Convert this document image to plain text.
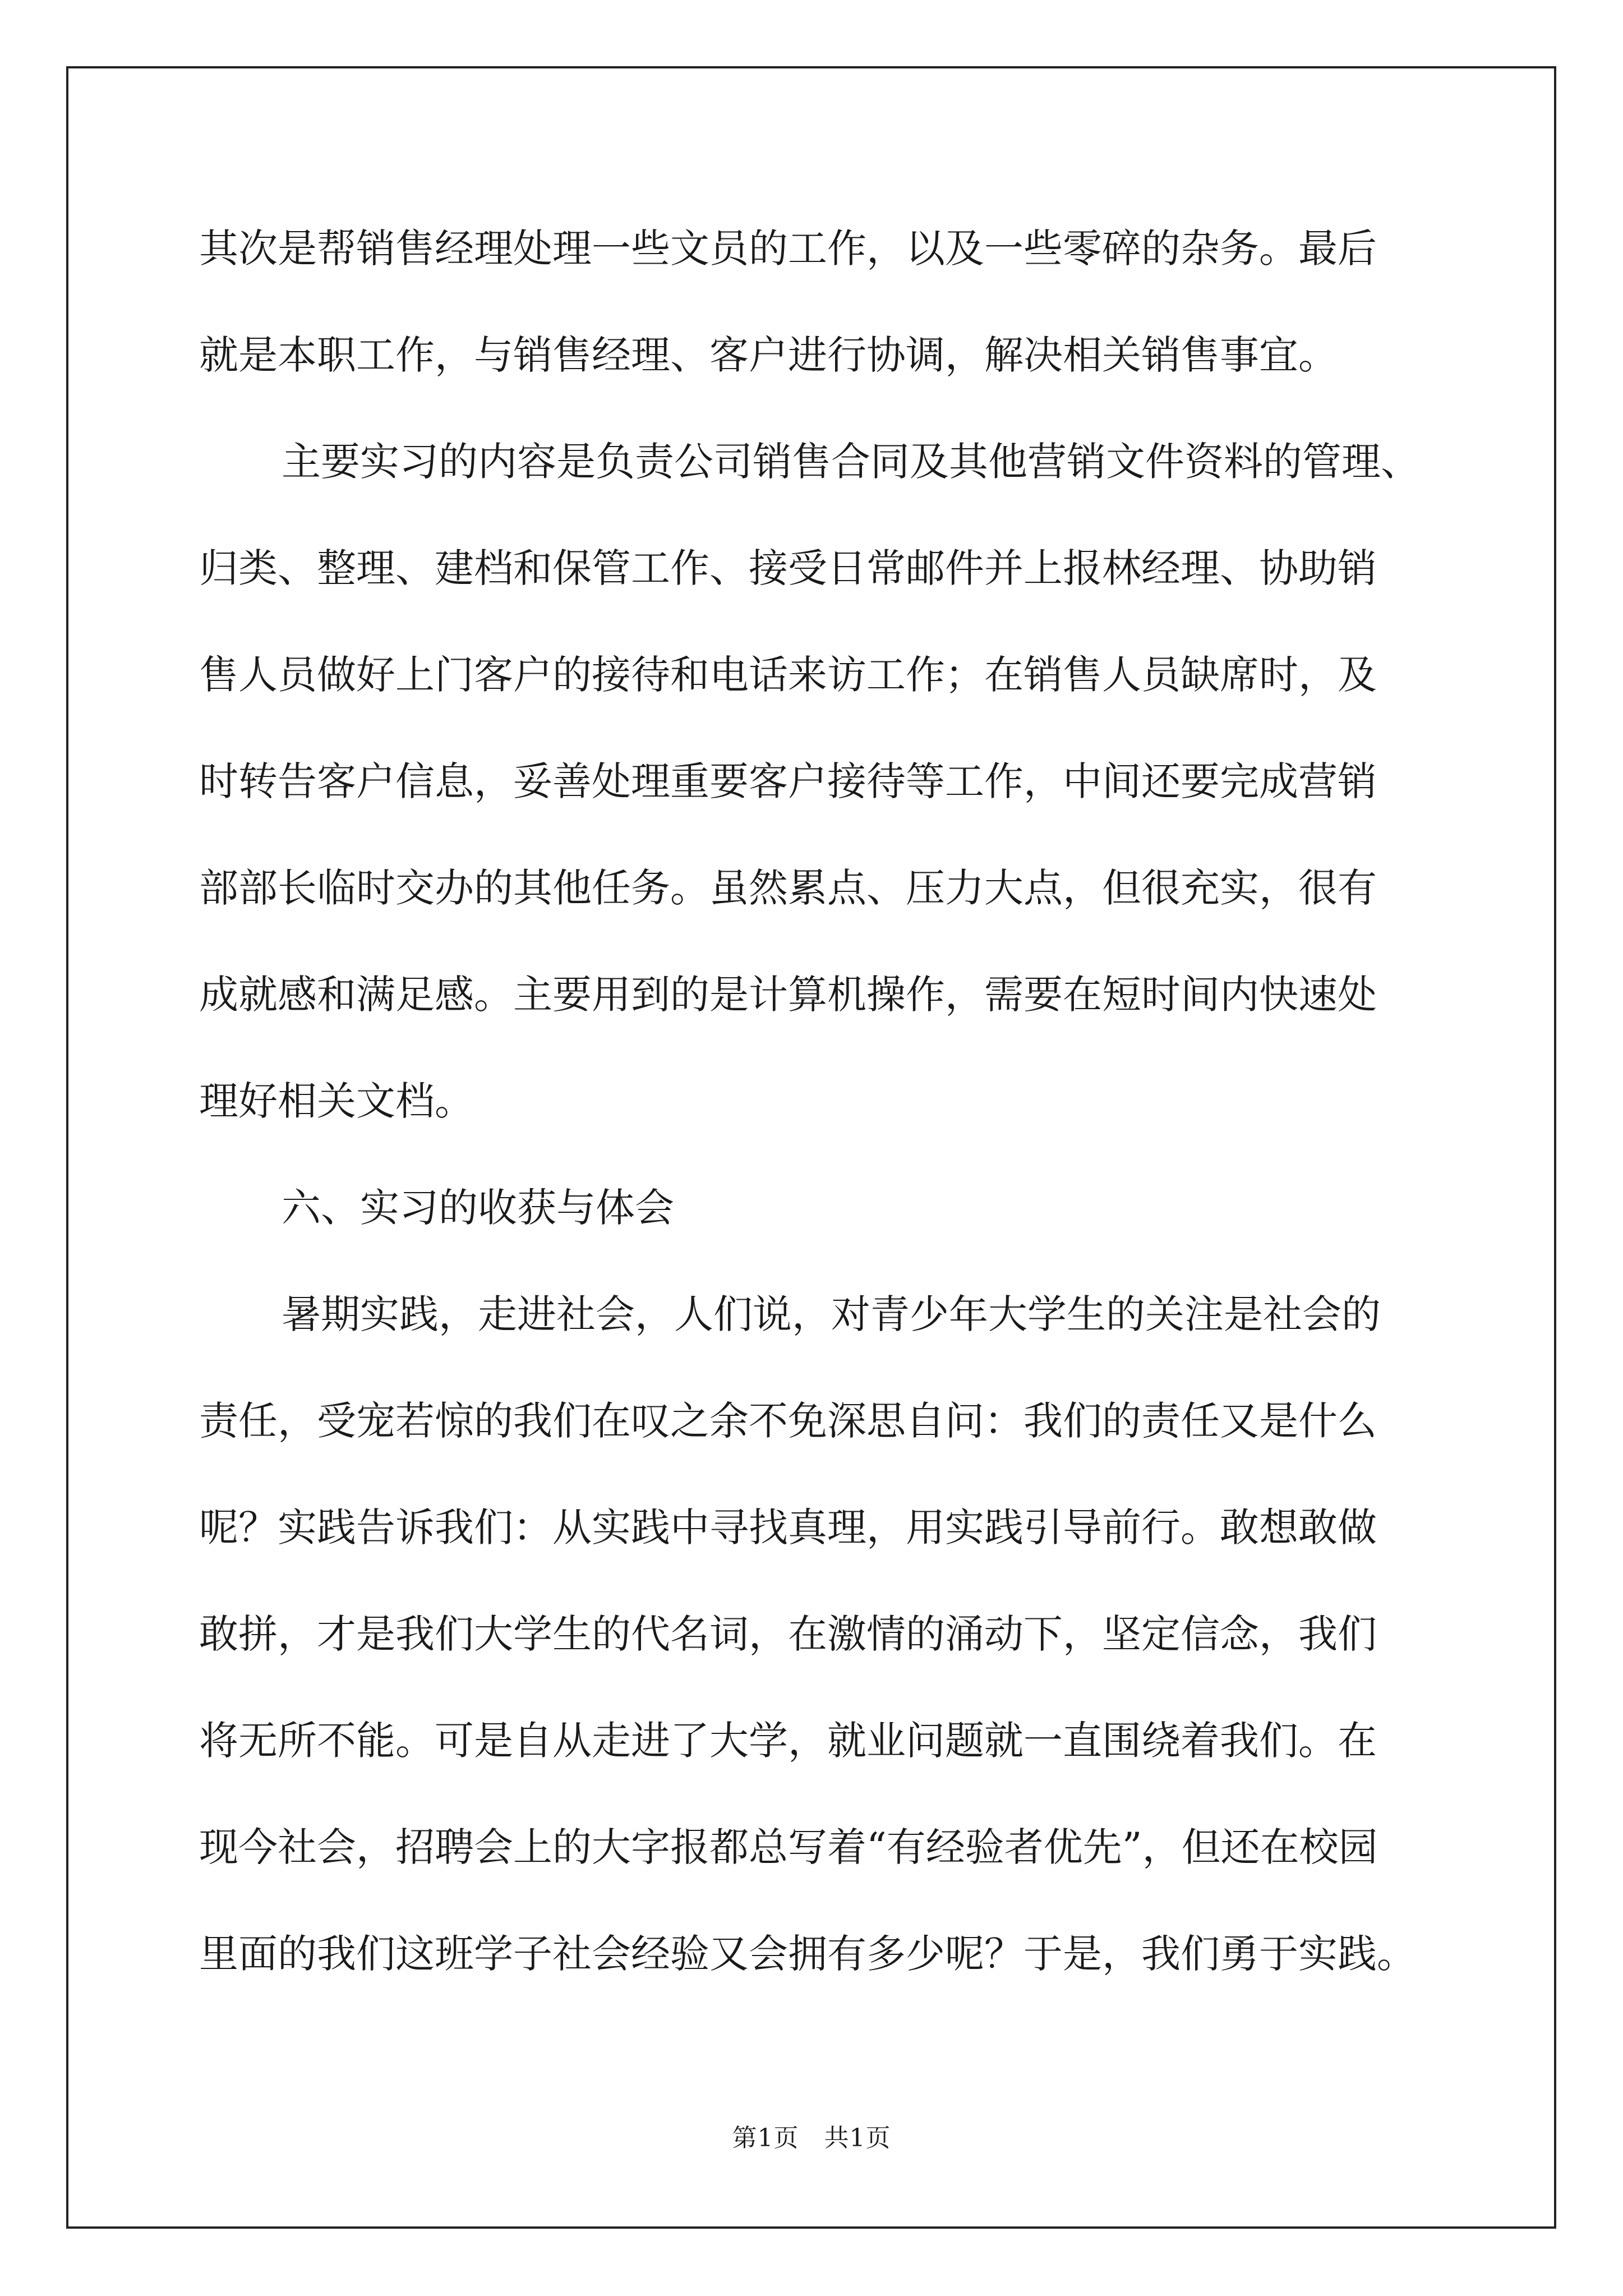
其次是帮销售经理处理一些文员的工作，以及一些零碎的杂务。最后
就是本职工作，与销售经理、客户进行协调，解决相关销售事宜。
主要实习的内容是负责公司销售合同及其他营销文件资料的管理、
归类、整理、建档和保管工作、接受日常邮件并上报林经理、协助销
售人员做好上门客户的接待和电话来访工作；在销售人员缺席时，及
时转告客户信息，妥善处理重要客户接待等工作，中间还要完成营销
部部长临时交办的其他任务。虽然累点、压力大点，但很充实，很有
成就感和满足感。主要用到的是计算机操作，需要在短时间内快速处
理好相关文档。
六、实习的收获与体会
暑期实践，走进社会，人们说，对青少年大学生的关注是社会的
责任，受宠若惊的我们在叹之余不免深思自问：我们的责任又是什么
呢？实践告诉我们：从实践中寻找真理，用实践引导前行。敢想敢做
敢拼，才是我们大学生的代名词，在激情的涌动下，坚定信念，我们
将无所不能。可是自从走进了大学，就业问题就一直围绕着我们。在
现今社会，招聘会上的大字报都总写着“有经验者优先”，但还在校园
里面的我们这班学子社会经验又会拥有多少呢？于是，我们勇于实践。
第1页　共1页
